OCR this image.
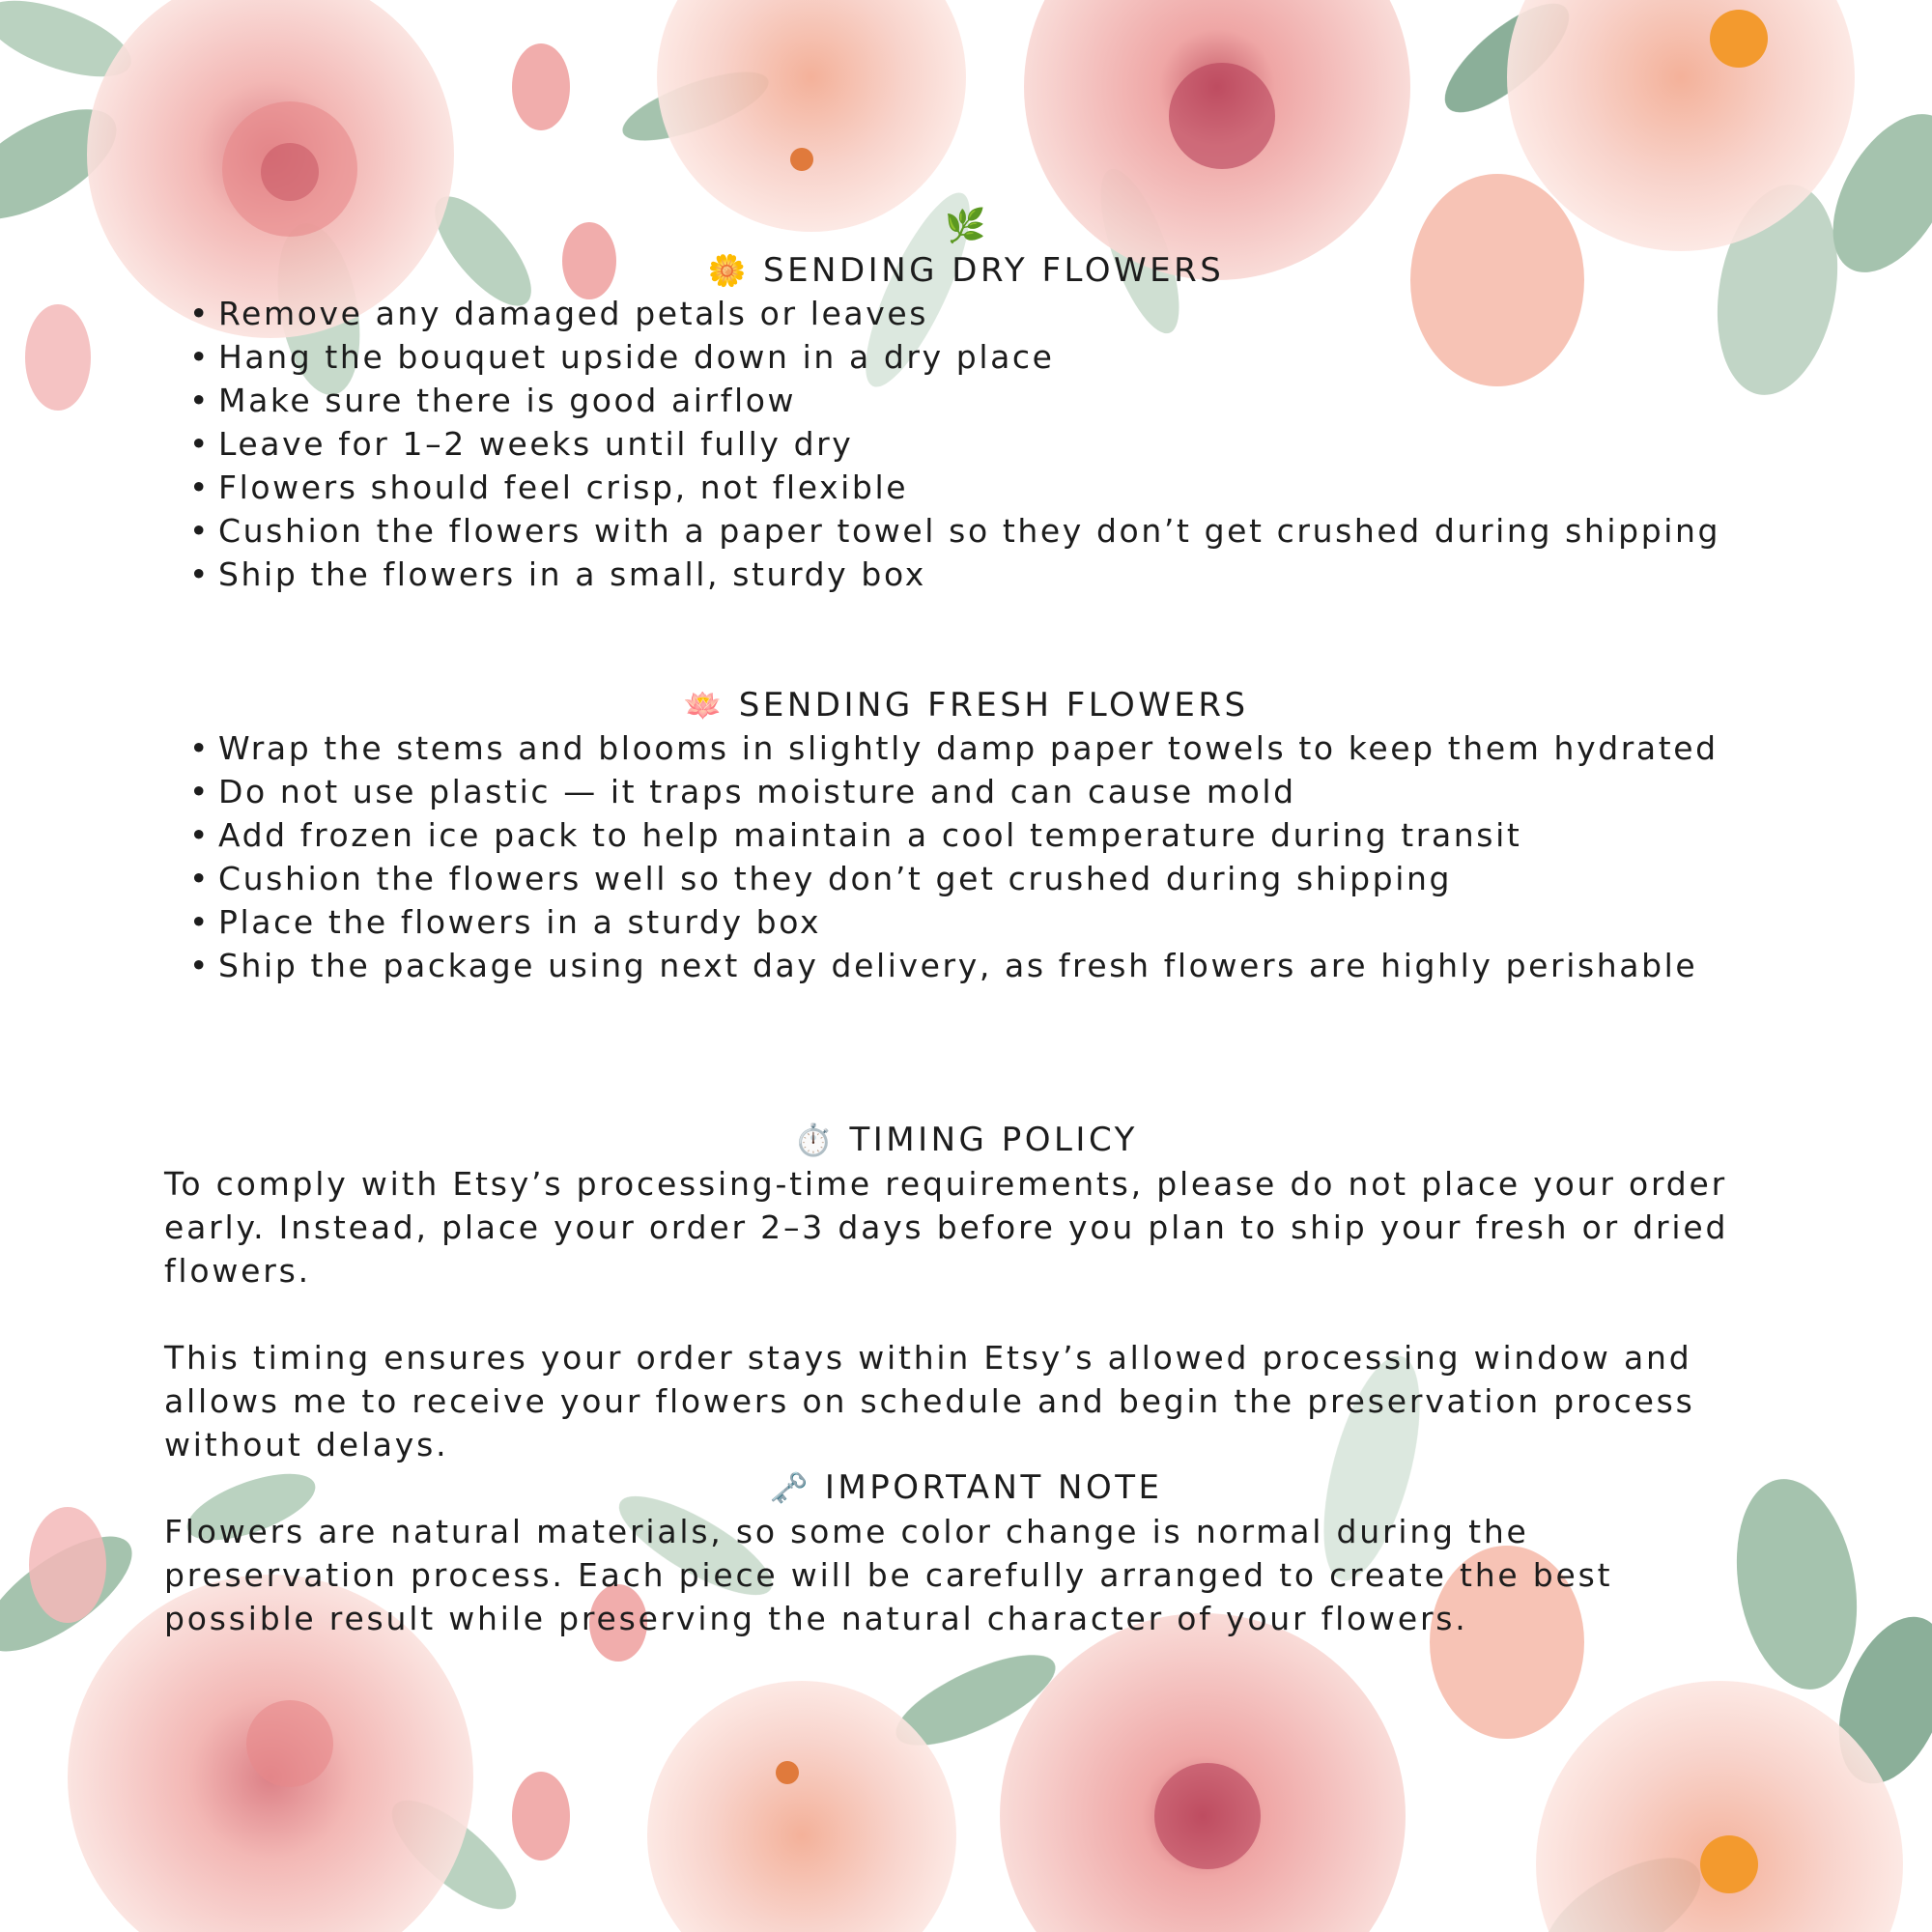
🌿
🌼 SENDING DRY FLOWERS
• Remove any damaged petals or leaves
• Hang the bouquet upside down in a dry place
• Make sure there is good airflow
• Leave for 1–2 weeks until fully dry
• Flowers should feel crisp, not flexible
• Cushion the flowers with a paper towel so they don’t get crushed during shipping
• Ship the flowers in a small, sturdy box
🪷 SENDING FRESH FLOWERS
• Wrap the stems and blooms in slightly damp paper towels to keep them hydrated
• Do not use plastic — it traps moisture and can cause mold
• Add frozen ice pack to help maintain a cool temperature during transit
• Cushion the flowers well so they don’t get crushed during shipping
• Place the flowers in a sturdy box
• Ship the package using next day delivery, as fresh flowers are highly perishable
⏱️ TIMING POLICY

To comply with Etsy’s processing-time requirements, please do not place your order early. Instead, place your order 2–3 days before you plan to ship your fresh or dried flowers.

This timing ensures your order stays within Etsy’s allowed processing window and allows me to receive your flowers on schedule and begin the preservation process without delays.

🗝️ IMPORTANT NOTE

Flowers are natural materials, so some color change is normal during the preservation process. Each piece will be carefully arranged to create the best possible result while preserving the natural character of your flowers.
